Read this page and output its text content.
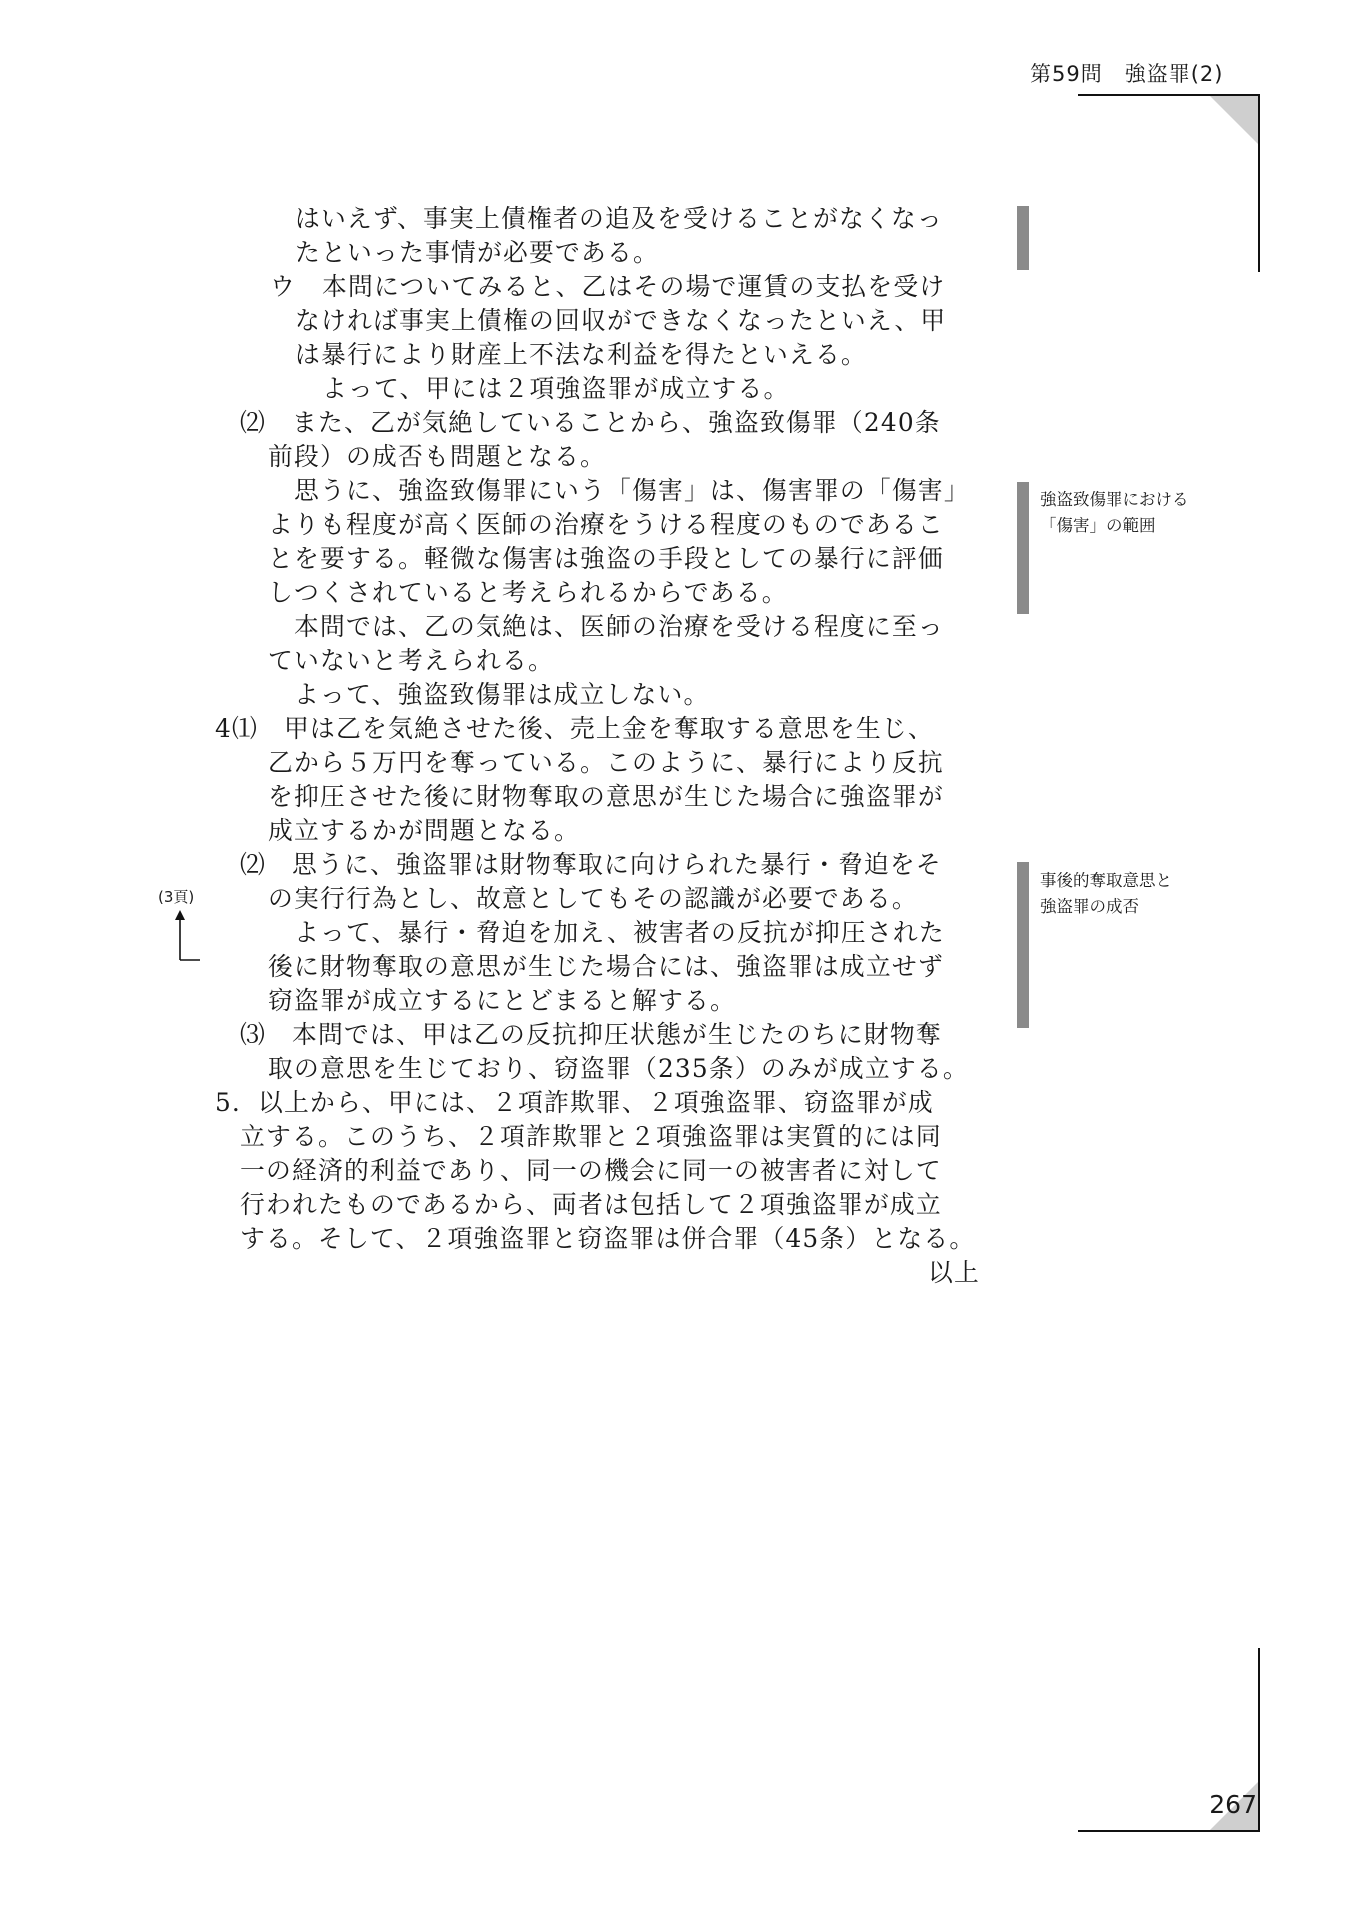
第59問　強盗罪(2)
はいえず、事実上債権者の追及を受けることがなくなっ
たといった事情が必要である。
ウ　本問についてみると、乙はその場で運賃の支払を受け
なければ事実上債権の回収ができなくなったといえ、甲
は暴行により財産上不法な利益を得たといえる。
よって、甲には２項強盗罪が成立する。
⑵　また、乙が気絶していることから、強盗致傷罪（240条
前段）の成否も問題となる。
思うに、強盗致傷罪にいう「傷害」は、傷害罪の「傷害」
よりも程度が高く医師の治療をうける程度のものであるこ
とを要する。軽微な傷害は強盗の手段としての暴行に評価
しつくされていると考えられるからである。
本問では、乙の気絶は、医師の治療を受ける程度に至っ
ていないと考えられる。
よって、強盗致傷罪は成立しない。
4⑴　甲は乙を気絶させた後、売上金を奪取する意思を生じ、
乙から５万円を奪っている。このように、暴行により反抗
を抑圧させた後に財物奪取の意思が生じた場合に強盗罪が
成立するかが問題となる。
⑵　思うに、強盗罪は財物奪取に向けられた暴行・脅迫をそ
の実行行為とし、故意としてもその認識が必要である。
よって、暴行・脅迫を加え、被害者の反抗が抑圧された
後に財物奪取の意思が生じた場合には、強盗罪は成立せず
窃盗罪が成立するにとどまると解する。
⑶　本問では、甲は乙の反抗抑圧状態が生じたのちに財物奪
取の意思を生じており、窃盗罪（235条）のみが成立する。
5．以上から、甲には、２項詐欺罪、２項強盗罪、窃盗罪が成
立する。このうち、２項詐欺罪と２項強盗罪は実質的には同
一の経済的利益であり、同一の機会に同一の被害者に対して
行われたものであるから、両者は包括して２項強盗罪が成立
する。そして、２項強盗罪と窃盗罪は併合罪（45条）となる。
以上
強盗致傷罪における
「傷害」の範囲
事後的奪取意思と
強盗罪の成否
(3頁)
267
